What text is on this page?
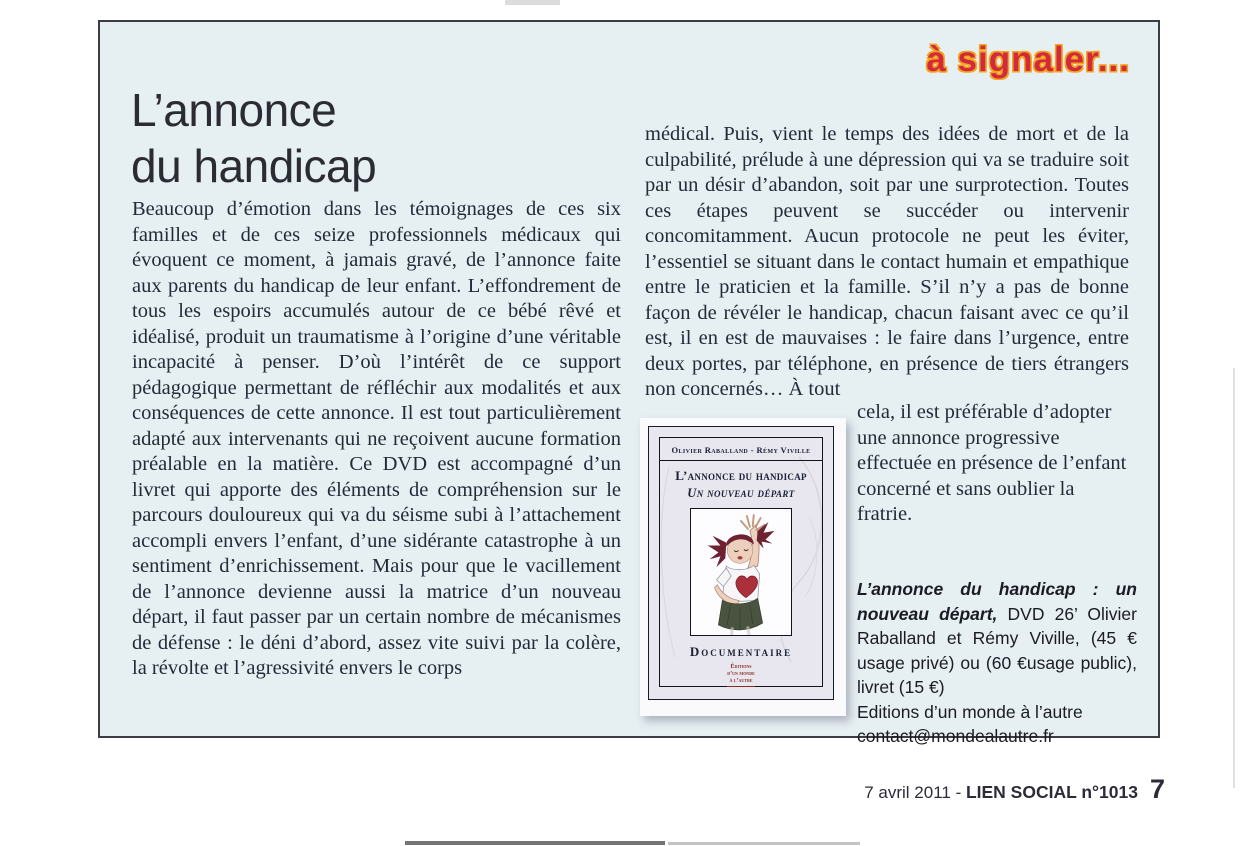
à signaler...
L’annonce
du handicap

Beaucoup d’émotion dans les témoignages de ces six familles et de ces seize professionnels médicaux qui évoquent ce moment, à jamais gravé, de l’annonce faite aux parents du handicap de leur enfant. L’effondrement de tous les espoirs accumulés autour de ce bébé rêvé et idéalisé, produit un traumatisme à l’origine d’une véritable incapacité à penser. D’où l’intérêt de ce support pédagogique permettant de réfléchir aux modalités et aux conséquences de cette annonce. Il est tout particulièrement adapté aux intervenants qui ne reçoivent aucune formation préalable en la matière. Ce DVD est accompagné d’un livret qui apporte des éléments de compréhension sur le parcours douloureux qui va du séisme subi à l’attachement accompli envers l’enfant, d’une sidérante catastrophe à un sentiment d’enrichissement. Mais pour que le vacillement de l’annonce devienne aussi la matrice d’un nouveau départ, il faut passer par un certain nombre de mécanismes de défense : le déni d’abord, assez vite suivi par la colère, la révolte et l’agressivité envers le corps

médical. Puis, vient le temps des idées de mort et de la culpabilité, prélude à une dépression qui va se traduire soit par un désir d’abandon, soit par une surprotection. Toutes ces étapes peuvent se succéder ou intervenir concomitamment. Aucun protocole ne peut les éviter, l’essentiel se situant dans le contact humain et empathique entre le praticien et la famille. S’il n’y a pas de bonne façon de révéler le handicap, chacun faisant avec ce qu’il est, il en est de mauvaises : le faire dans l’urgence, entre deux portes, par téléphone, en présence de tiers étrangers non concernés… À tout

cela, il est préférable d’adopter une annonce progressive effectuée en présence de l’enfant concerné et sans oublier la fratrie.

Olivier Raballand - Rémy Viville
L’annonce du handicap
Un nouveau départ
Documentaire
Éditions
d’un monde
à l’autre

L’annonce du handicap : un nouveau départ, DVD 26’ Olivier Raballand et Rémy Viville, (45 € usage privé) ou (60 €usage public), livret (15 €)

Editions d’un monde à l’autre

contact@mondealautre.fr

7 avril 2011 - LIEN SOCIAL n°1013 7
